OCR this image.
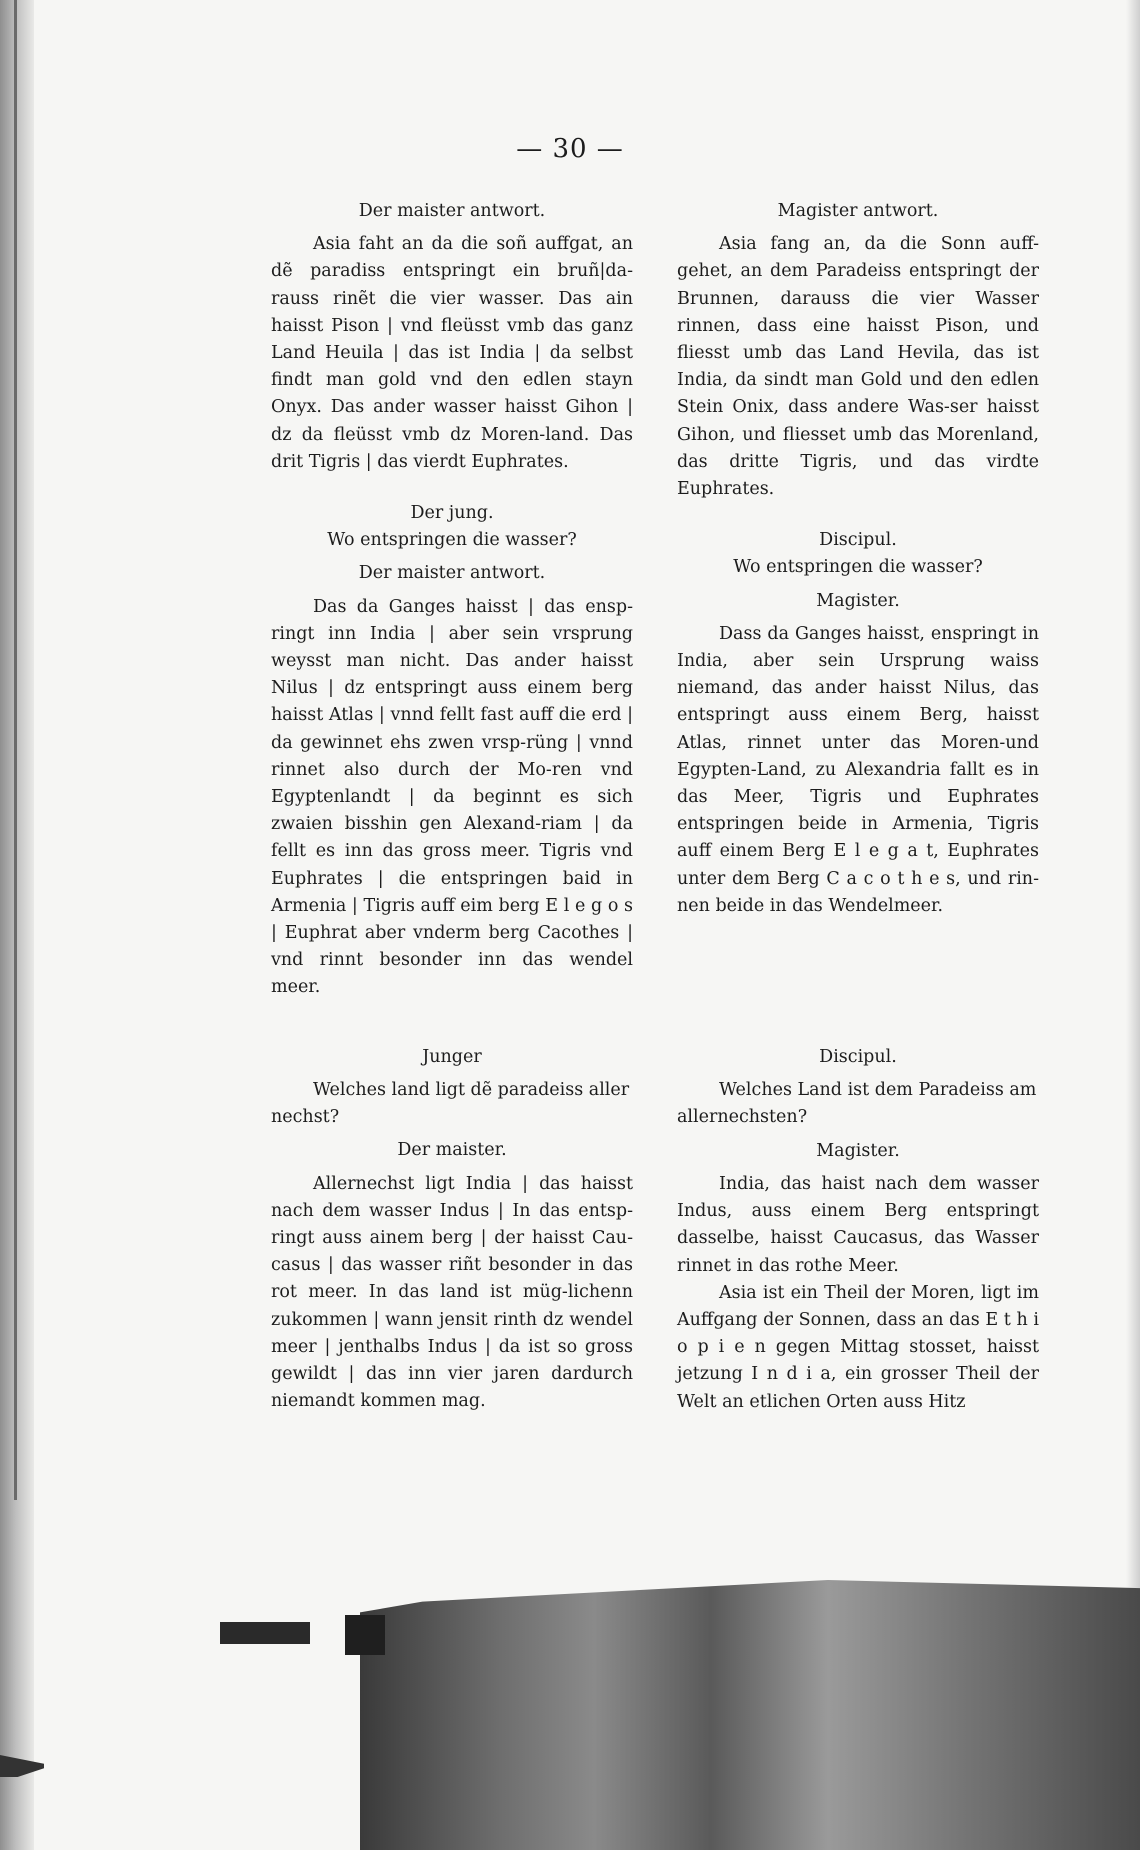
— 30 —
Der maister antwort.

Asia faht an da die soñ auffgat, an dẽ paradiss entspringt ein bruñ|da-rauss rinẽt die vier wasser. Das ain haisst Pison | vnd fleüsst vmb das ganz Land Heuila | das ist India | da selbst findt man gold vnd den edlen stayn Onyx. Das ander wasser haisst Gihon | dz da fleüsst vmb dz Moren-land. Das drit Tigris | das vierdt Euphrates.

Der jung.
Wo entspringen die wasser?
Der maister antwort.

Das da Ganges haisst | das ensp-ringt inn India | aber sein vrsprung weysst man nicht. Das ander haisst Nilus | dz entspringt auss einem berg haisst Atlas | vnnd fellt fast auff die erd | da gewinnet ehs zwen vrsp-rüng | vnnd rinnet also durch der Mo-ren vnd Egyptenlandt | da beginnt es sich zwaien bisshin gen Alexand-riam | da fellt es inn das gross meer. Tigris vnd Euphrates | die entspringen baid in Armenia | Tigris auff eim berg E l e g o s | Euphrat aber vnderm berg Cacothes | vnd rinnt besonder inn das wendel meer.

Junger

Welches land ligt dẽ paradeiss aller nechst?

Der maister.

Allernechst ligt India | das haisst nach dem wasser Indus | In das entsp-ringt auss ainem berg | der haisst Cau-casus | das wasser riñt besonder in das rot meer. In das land ist müg-lichenn zukommen | wann jensit rinth dz wendel meer | jenthalbs Indus | da ist so gross gewildt | das inn vier jaren dardurch niemandt kommen mag.

Magister antwort.

Asia fang an, da die Sonn auff-gehet, an dem Paradeiss entspringt der Brunnen, darauss die vier Wasser rinnen, dass eine haisst Pison, und fliesst umb das Land Hevila, das ist India, da sindt man Gold und den edlen Stein Onix, dass andere Was-ser haisst Gihon, und fliesset umb das Morenland, das dritte Tigris, und das virdte Euphrates.

Discipul.
Wo entspringen die wasser?
Magister.

Dass da Ganges haisst, enspringt in India, aber sein Ursprung waiss niemand, das ander haisst Nilus, das entspringt auss einem Berg, haisst Atlas, rinnet unter das Moren-und Egypten-Land, zu Alexandria fallt es in das Meer, Tigris und Euphrates entspringen beide in Armenia, Tigris auff einem Berg E l e g a t, Euphrates unter dem Berg C a c o t h e s, und rin-nen beide in das Wendelmeer.

Discipul.

Welches Land ist dem Paradeiss am allernechsten?

Magister.

India, das haist nach dem wasser Indus, auss einem Berg entspringt dasselbe, haisst Caucasus, das Wasser rinnet in das rothe Meer.

Asia ist ein Theil der Moren, ligt im Auffgang der Sonnen, dass an das E t h i o p i e n gegen Mittag stosset, haisst jetzung I n d i a, ein grosser Theil der Welt an etlichen Orten auss Hitz
